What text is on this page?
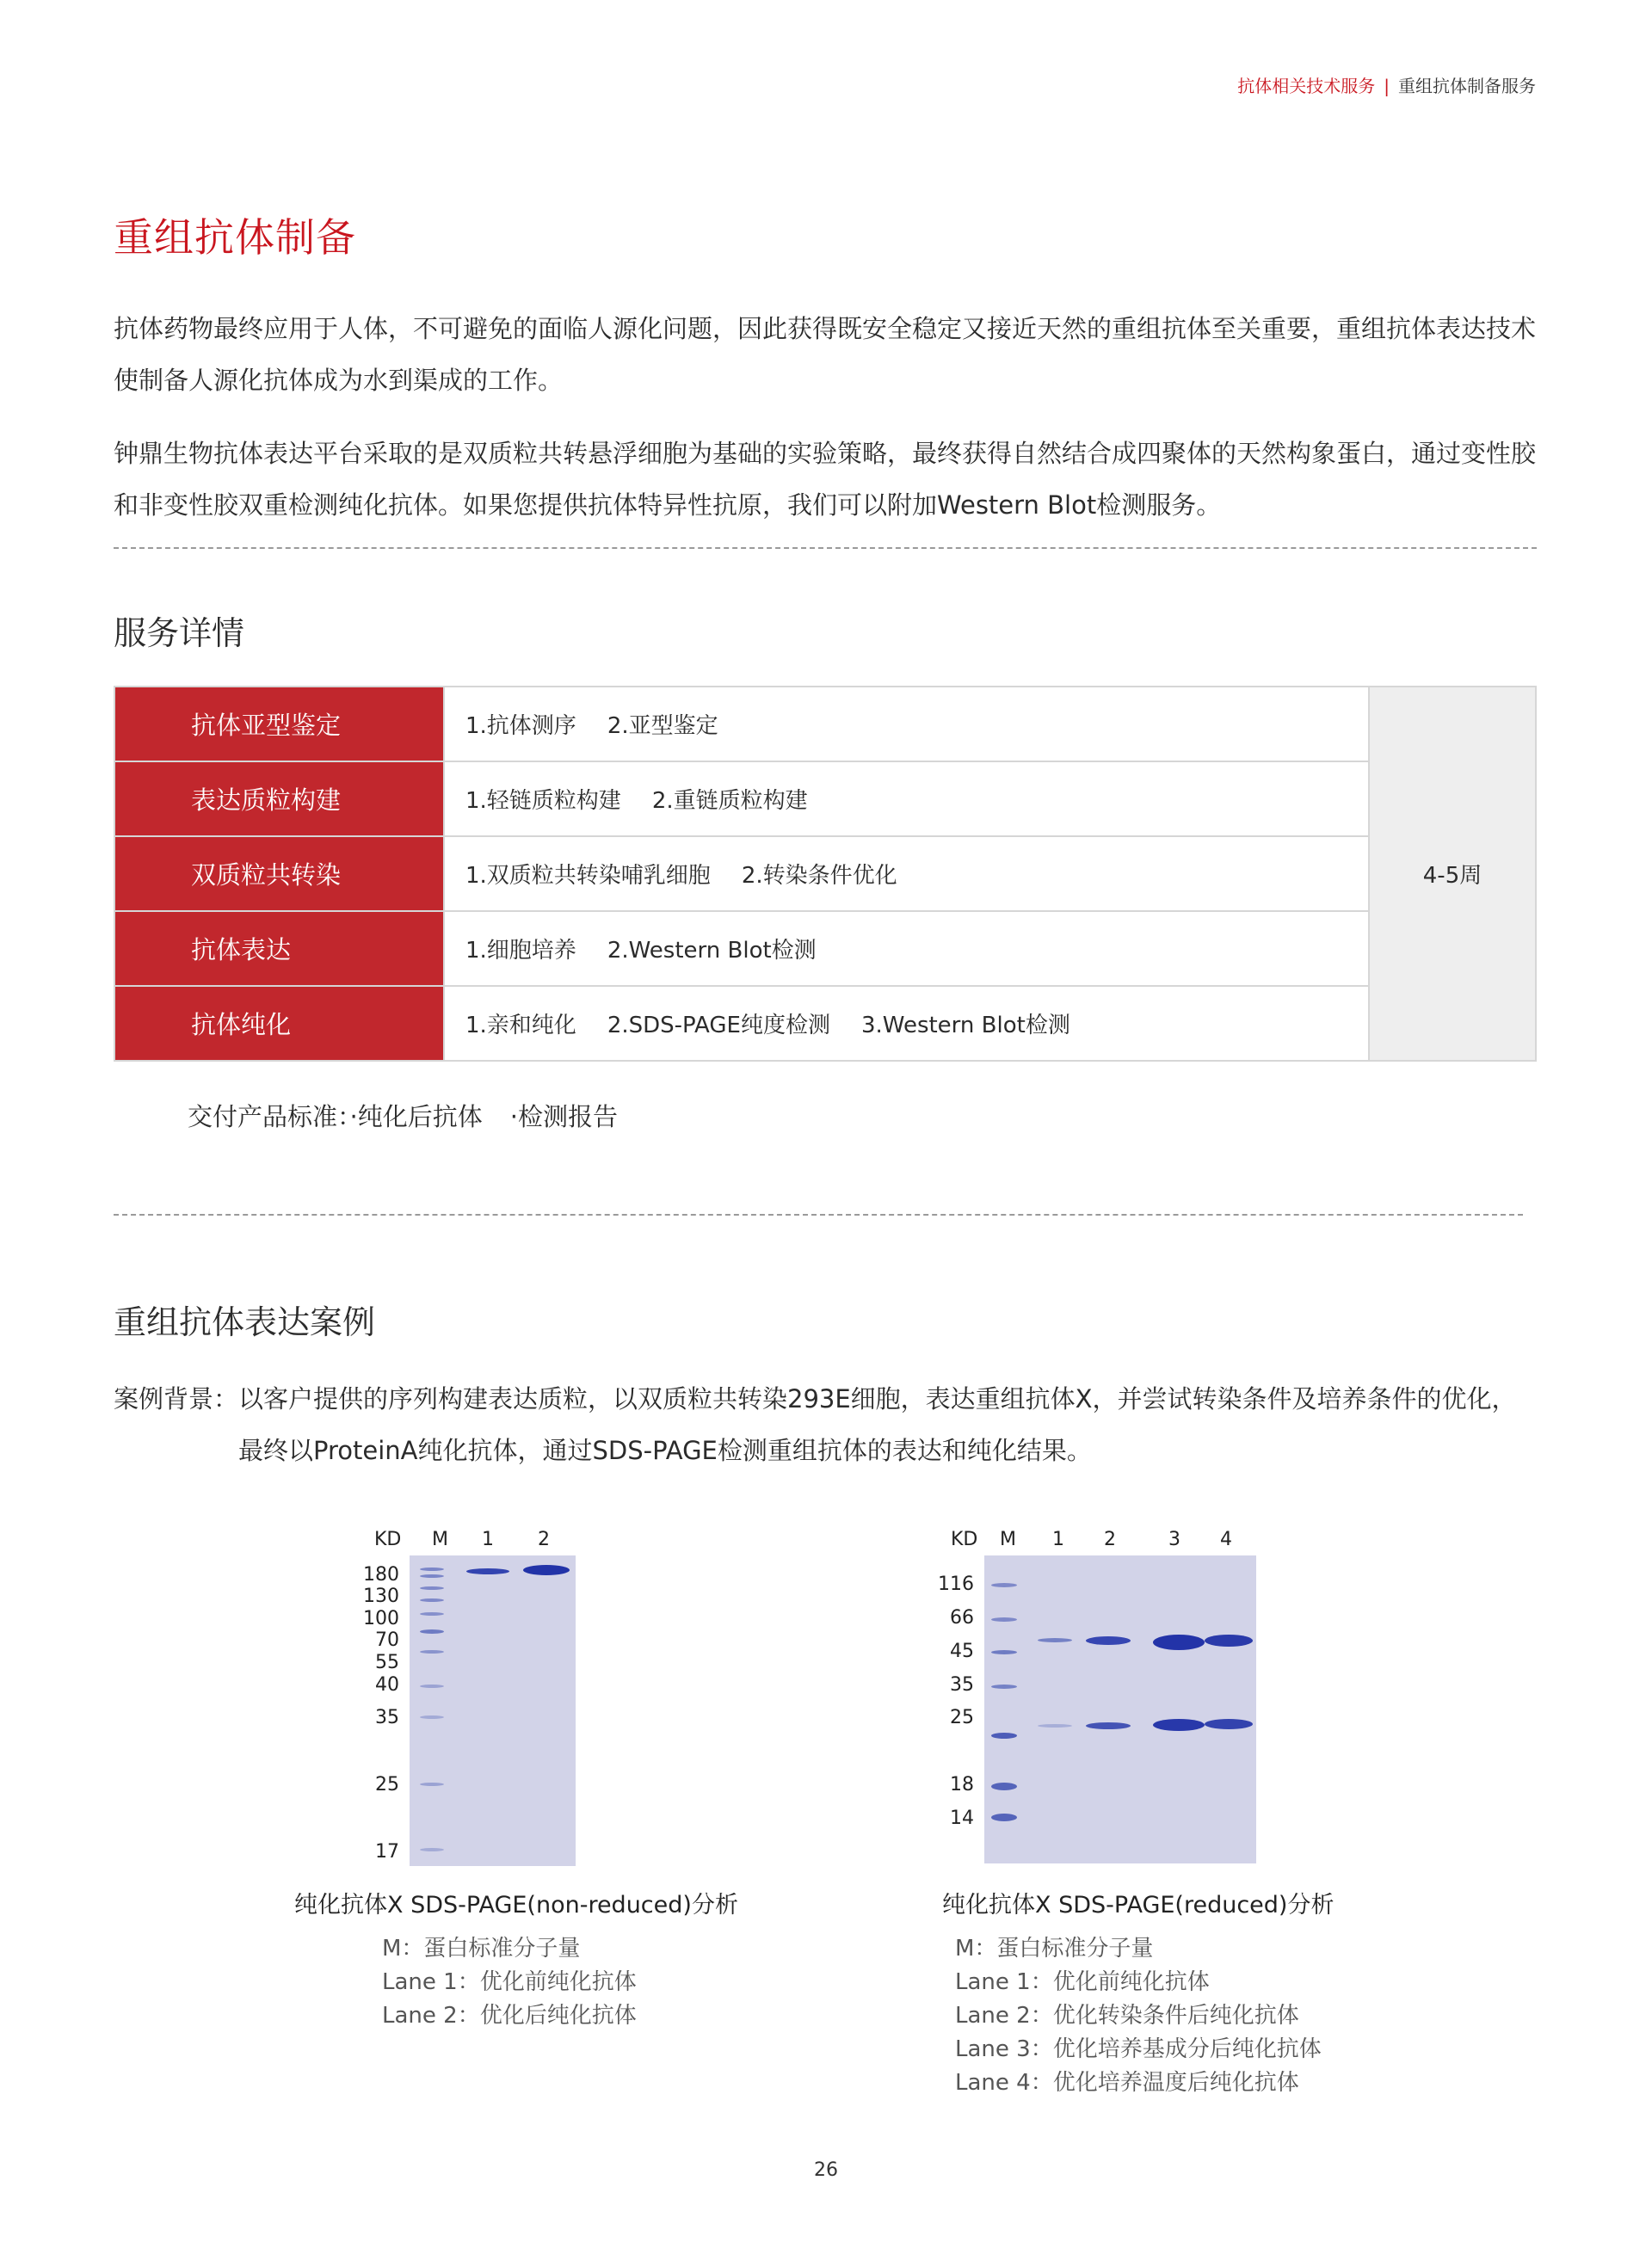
抗体相关技术服务 | 重组抗体制备服务
重组抗体制备

抗体药物最终应用于人体，不可避免的面临人源化问题，因此获得既安全稳定又接近天然的重组抗体至关重要，重组抗体表达技术使制备人源化抗体成为水到渠成的工作。

钟鼎生物抗体表达平台采取的是双质粒共转悬浮细胞为基础的实验策略，最终获得自然结合成四聚体的天然构象蛋白，通过变性胶和非变性胶双重检测纯化抗体。如果您提供抗体特异性抗原，我们可以附加Western Blot检测服务。

服务详情
抗体亚型鉴定	1.抗体测序 2.亚型鉴定	4-5周
表达质粒构建	1.轻链质粒构建 2.重链质粒构建	
双质粒共转染	1.双质粒共转染哺乳细胞 2.转染条件优化	
抗体表达	1.细胞培养 2.Western Blot检测	
抗体纯化	1.亲和纯化 2.SDS-PAGE纯度检测 3.Western Blot检测	
交付产品标准：·纯化后抗体 ·检测报告
重组抗体表达案例
案例背景：以客户提供的序列构建表达质粒，以双质粒共转染293E细胞，表达重组抗体X，并尝试转染条件及培养条件的优化，
最终以ProteinA纯化抗体，通过SDS-PAGE检测重组抗体的表达和纯化结果。
KD M 1 2
180
130
100
70
55
40
35
25
17
纯化抗体X SDS-PAGE(non-reduced)分析
M：蛋白标准分子量
Lane 1：优化前纯化抗体
Lane 2：优化后纯化抗体
KD M 1 2	3 4
116
66
45
35
25
18
14
纯化抗体X SDS-PAGE(reduced)分析
M：蛋白标准分子量
Lane 1：优化前纯化抗体
Lane 2：优化转染条件后纯化抗体
Lane 3：优化培养基成分后纯化抗体
Lane 4：优化培养温度后纯化抗体
26
